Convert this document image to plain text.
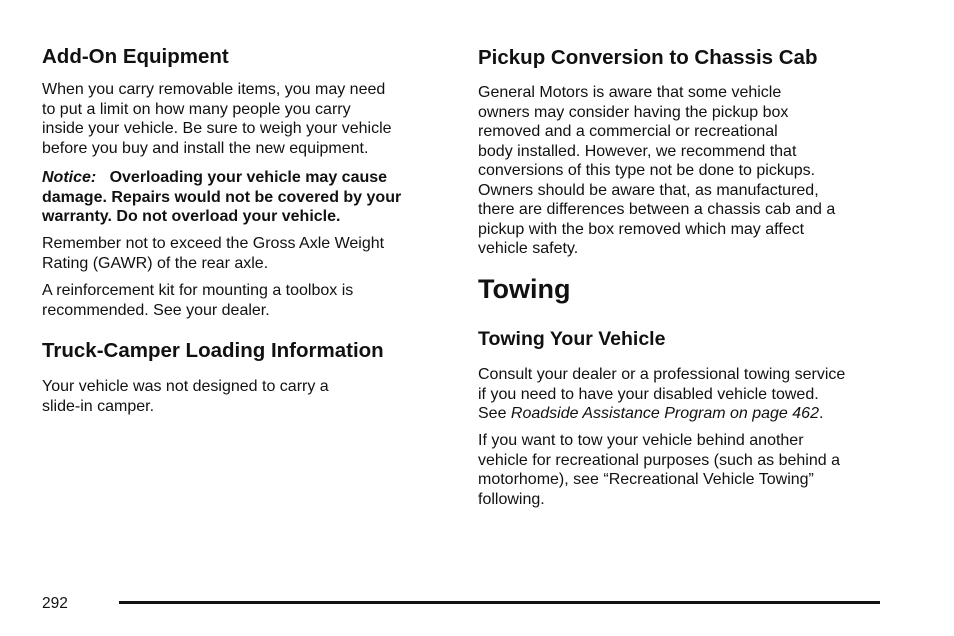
Add-On Equipment

When you carry removable items, you may need
to put a limit on how many people you carry
inside your vehicle. Be sure to weigh your vehicle
before you buy and install the new equipment.

Notice: Overloading your vehicle may cause
damage. Repairs would not be covered by your
warranty. Do not overload your vehicle.

Remember not to exceed the Gross Axle Weight
Rating (GAWR) of the rear axle.

A reinforcement kit for mounting a toolbox is
recommended. See your dealer.

Truck-Camper Loading Information

Your vehicle was not designed to carry a
slide-in camper.

Pickup Conversion to Chassis Cab

General Motors is aware that some vehicle
owners may consider having the pickup box
removed and a commercial or recreational
body installed. However, we recommend that
conversions of this type not be done to pickups.
Owners should be aware that, as manufactured,
there are differences between a chassis cab and a
pickup with the box removed which may affect
vehicle safety.

Towing
Towing Your Vehicle

Consult your dealer or a professional towing service
if you need to have your disabled vehicle towed.
See Roadside Assistance Program on page 462.

If you want to tow your vehicle behind another
vehicle for recreational purposes (such as behind a
motorhome), see “Recreational Vehicle Towing”
following.

292
